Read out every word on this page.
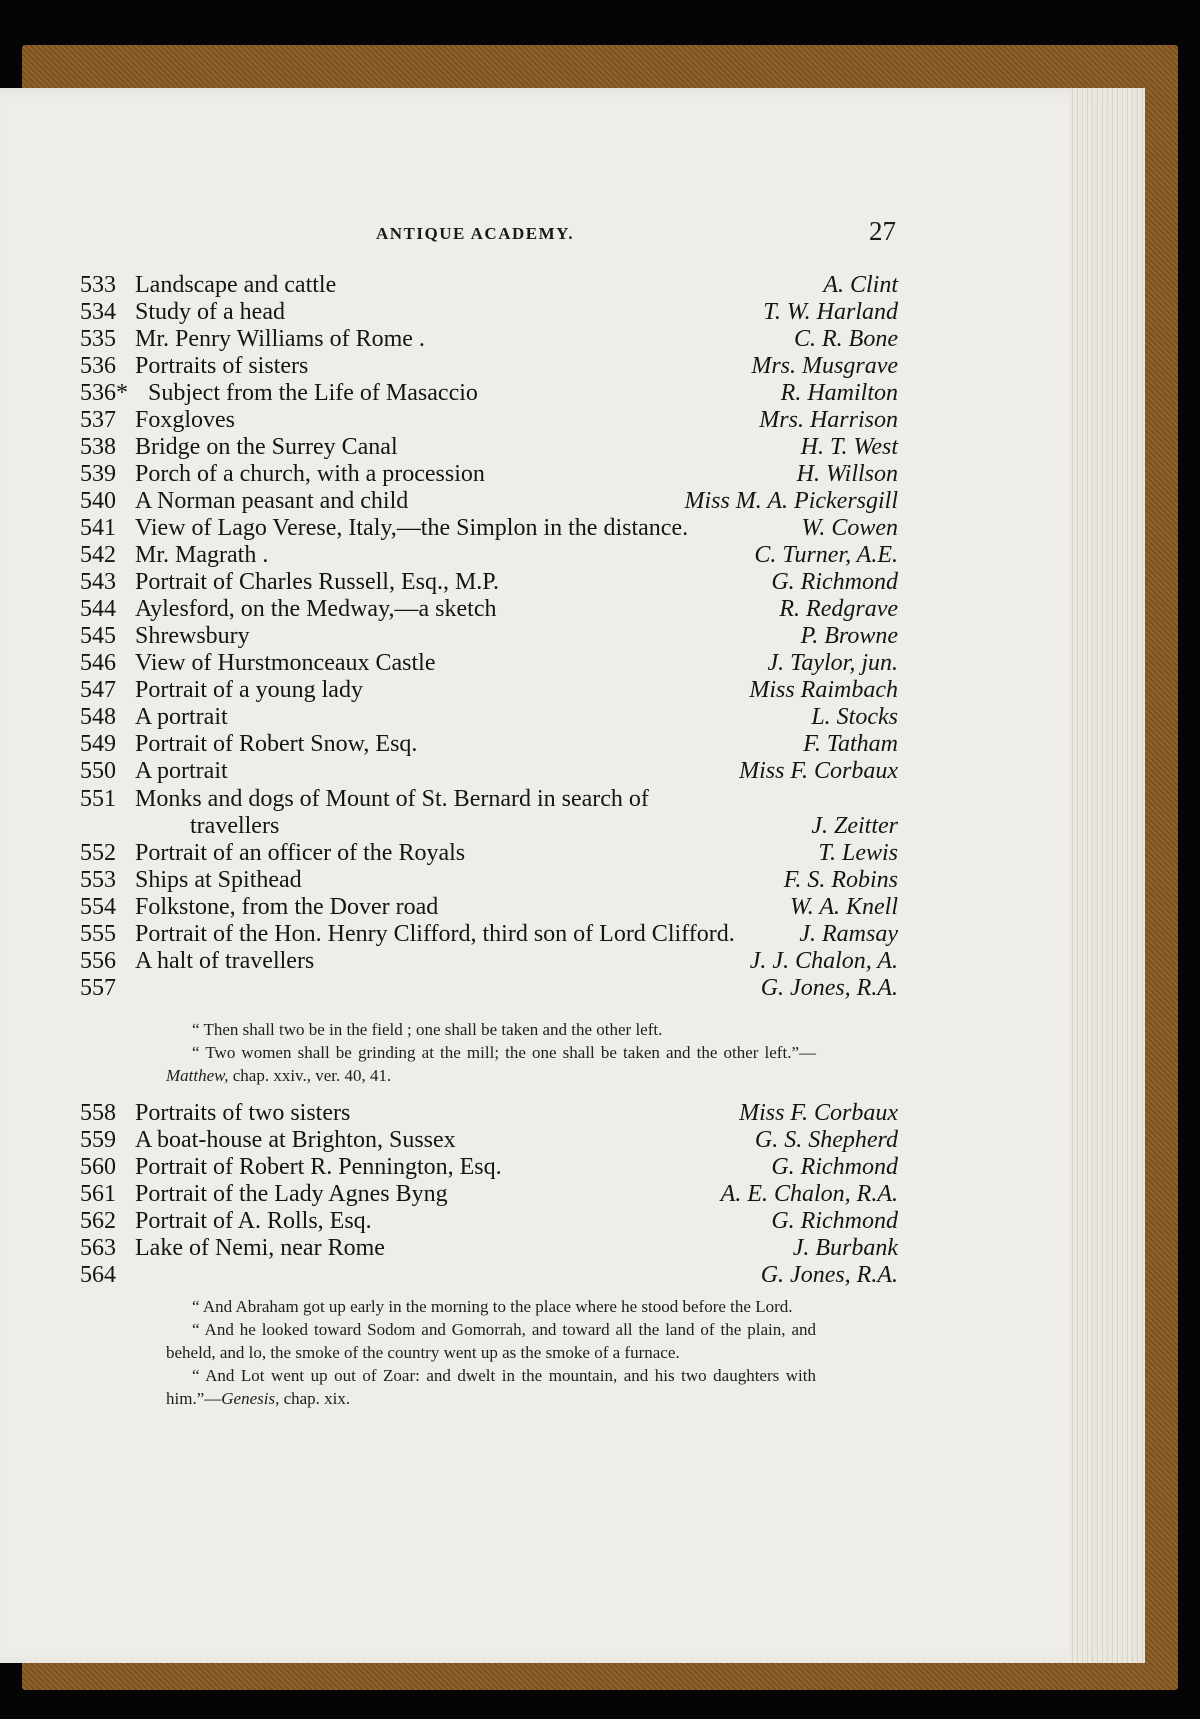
ANTIQUE ACADEMY.	27
533 Landscape and cattle	A. Clint
534 Study of a head	T. W. Harland
535 Mr. Penry Williams of Rome .	C. R. Bone
536 Portraits of sisters	Mrs. Musgrave
536* Subject from the Life of Masaccio	R. Hamilton
537 Foxgloves	Mrs. Harrison
538 Bridge on the Surrey Canal	H. T. West
539 Porch of a church, with a procession	H. Willson
540 A Norman peasant and child	Miss M. A. Pickersgill
541 View of Lago Verese, Italy,—the Simplon in the distance.	W. Cowen
542 Mr. Magrath .	C. Turner, A.E.
543 Portrait of Charles Russell, Esq., M.P.	G. Richmond
544 Aylesford, on the Medway,—a sketch	R. Redgrave
545 Shrewsbury	P. Browne
546 View of Hurstmonceaux Castle	J. Taylor, jun.
547 Portrait of a young lady	Miss Raimbach
548 A portrait	L. Stocks
549 Portrait of Robert Snow, Esq.	F. Tatham
550 A portrait	Miss F. Corbaux
551 Monks and dogs of Mount of St. Bernard in search of
travellers	J. Zeitter
552 Portrait of an officer of the Royals	T. Lewis
553 Ships at Spithead	F. S. Robins
554 Folkstone, from the Dover road	W. A. Knell
555 Portrait of the Hon. Henry Clifford, third son of Lord Clifford.	J. Ramsay
556 A halt of travellers	J. J. Chalon, A.
557	G. Jones, R.A.
558 Portraits of two sisters	Miss F. Corbaux
559 A boat-house at Brighton, Sussex	G. S. Shepherd
560 Portrait of Robert R. Pennington, Esq.	G. Richmond
561 Portrait of the Lady Agnes Byng	A. E. Chalon, R.A.
562 Portrait of A. Rolls, Esq.	G. Richmond
563 Lake of Nemi, near Rome	J. Burbank
564	G. Jones, R.A.

“ Then shall two be in the field ; one shall be taken and the other left.

“ Two women shall be grinding at the mill; the one shall be taken and the other left.”—Matthew, chap. xxiv., ver. 40, 41.

“ And Abraham got up early in the morning to the place where he stood before the Lord.

“ And he looked toward Sodom and Gomorrah, and toward all the land of the plain, and beheld, and lo, the smoke of the country went up as the smoke of a furnace.

“ And Lot went up out of Zoar: and dwelt in the mountain, and his two daughters with him.”—Genesis, chap. xix.
